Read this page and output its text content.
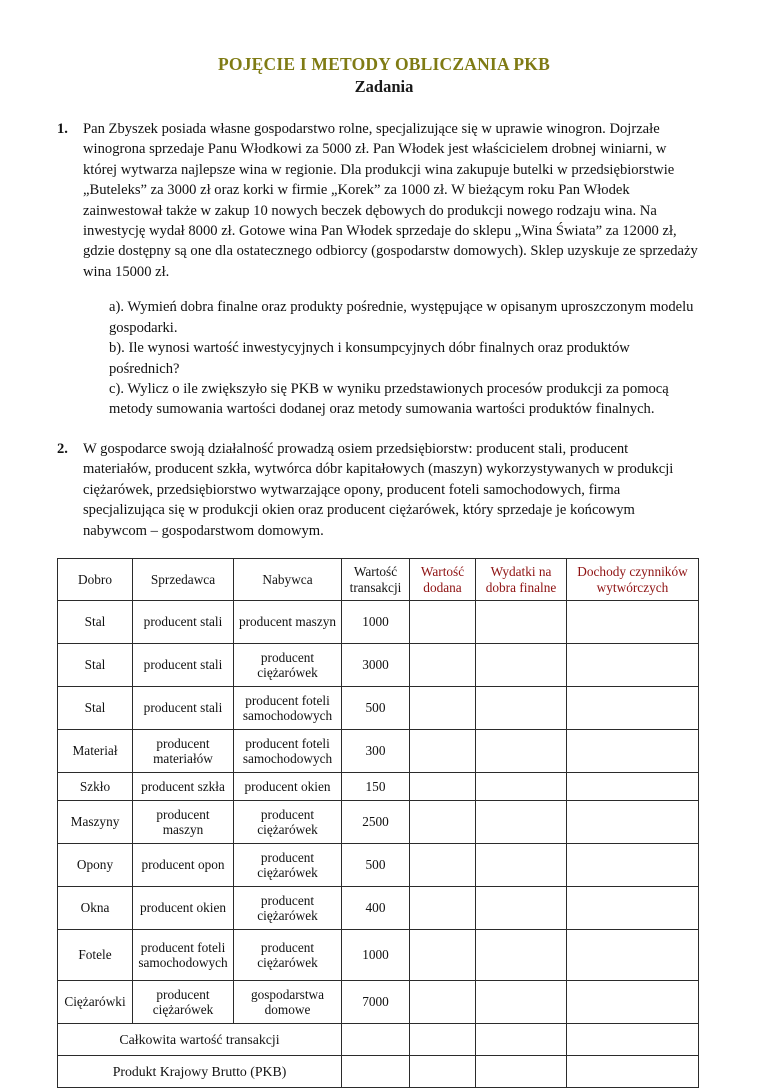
POJĘCIE I METODY OBLICZANIA PKB
Zadania
1.	Pan Zbyszek posiada własne gospodarstwo rolne, specjalizujące się w uprawie winogron. Dojrzałe winogrona sprzedaje Panu Włodkowi za 5000 zł. Pan Włodek jest właścicielem drobnej winiarni, w której wytwarza najlepsze wina w regionie. Dla produkcji wina zakupuje butelki w przedsiębiorstwie „Buteleks” za 3000 zł oraz korki w firmie „Korek” za 1000 zł. W bieżącym roku Pan Włodek zainwestował także w zakup 10 nowych beczek dębowych do produkcji nowego rodzaju wina. Na inwestycję wydał 8000 zł. Gotowe wina Pan Włodek sprzedaje do sklepu „Wina Świata” za 12000 zł, gdzie dostępny są one dla ostatecznego odbiorcy (gospodarstw domowych). Sklep uzyskuje ze sprzedaży wina 15000 zł.

a). Wymień dobra finalne oraz produkty pośrednie, występujące w opisanym uproszczonym modelu gospodarki.

b). Ile wynosi wartość inwestycyjnych i konsumpcyjnych dóbr finalnych oraz produktów pośrednich?

c). Wylicz o ile zwiększyło się PKB w wyniku przedstawionych procesów produkcji za pomocą metody sumowania wartości dodanej oraz metody sumowania wartości produktów finalnych.

2.	W gospodarce swoją działalność prowadzą osiem przedsiębiorstw: producent stali, producent materiałów, producent szkła, wytwórca dóbr kapitałowych (maszyn) wykorzystywanych w produkcji ciężarówek, przedsiębiorstwo wytwarzające opony, producent foteli samochodowych, firma specjalizująca się w produkcji okien oraz producent ciężarówek, który sprzedaje je końcowym nabywcom – gospodarstwom domowym.

Dobro	Sprzedawca	Nabywca	Wartość transakcji	Wartość dodana	Wydatki na dobra finalne	Dochody czynników wytwórczych
Stal	producent stali	producent maszyn	1000			
Stal	producent stali	producent ciężarówek	3000			
Stal	producent stali	producent foteli samochodowych	500			
Materiał	producent materiałów	producent foteli samochodowych	300			
Szkło	producent szkła	producent okien	150			
Maszyny	producent maszyn	producent ciężarówek	2500			
Opony	producent opon	producent ciężarówek	500			
Okna	producent okien	producent ciężarówek	400			
Fotele	producent foteli samochodowych	producent ciężarówek	1000			
Ciężarówki	producent ciężarówek	gospodarstwa domowe	7000			
Całkowita wartość transakcji						
Produkt Krajowy Brutto (PKB)						
